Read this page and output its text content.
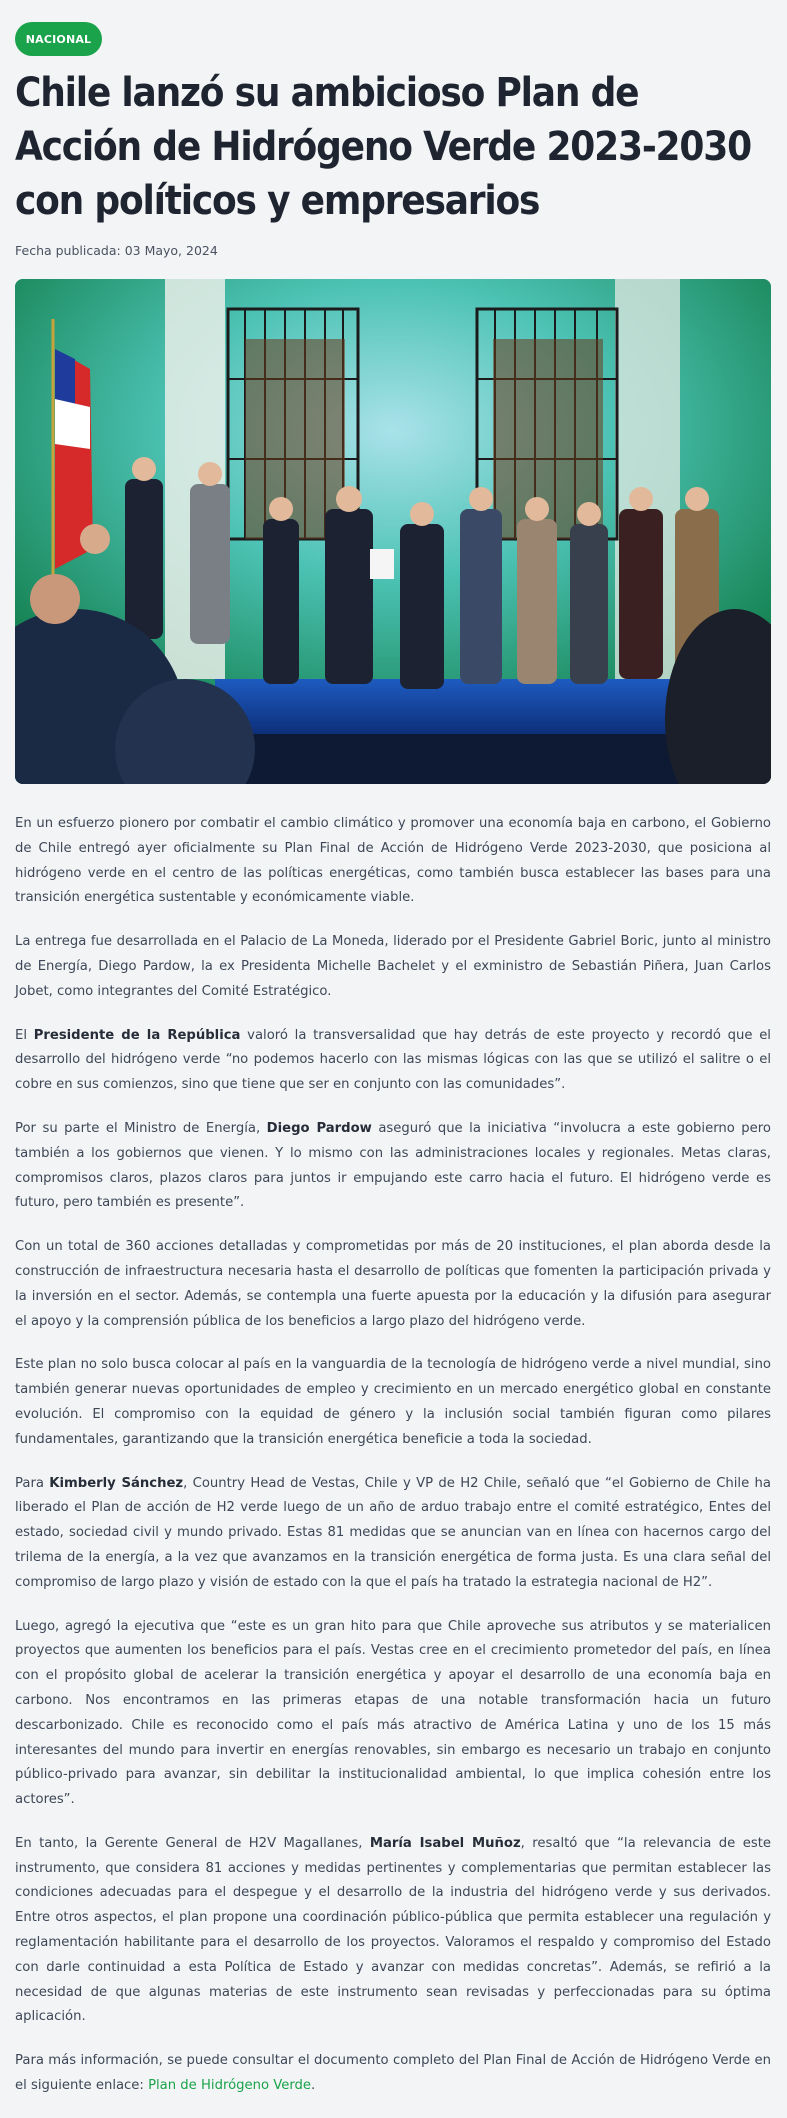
NACIONAL
Chile lanzó su ambicioso Plan de Acción de Hidrógeno Verde 2023-2030 con políticos y empresarios
Fecha publicada: 03 Mayo, 2024

En un esfuerzo pionero por combatir el cambio climático y promover una economía baja en carbono, el Gobierno de Chile entregó ayer oficialmente su Plan Final de Acción de Hidrógeno Verde 2023-2030, que posiciona al hidrógeno verde en el centro de las políticas energéticas, como también busca establecer las bases para una transición energética sustentable y económicamente viable.

La entrega fue desarrollada en el Palacio de La Moneda, liderado por el Presidente Gabriel Boric, junto al ministro de Energía, Diego Pardow, la ex Presidenta Michelle Bachelet y el exministro de Sebastián Piñera, Juan Carlos Jobet, como integrantes del Comité Estratégico.

El Presidente de la República valoró la transversalidad que hay detrás de este proyecto y recordó que el desarrollo del hidrógeno verde “no podemos hacerlo con las mismas lógicas con las que se utilizó el salitre o el cobre en sus comienzos, sino que tiene que ser en conjunto con las comunidades”.

Por su parte el Ministro de Energía, Diego Pardow aseguró que la iniciativa “involucra a este gobierno pero también a los gobiernos que vienen. Y lo mismo con las administraciones locales y regionales. Metas claras, compromisos claros, plazos claros para juntos ir empujando este carro hacia el futuro. El hidrógeno verde es futuro, pero también es presente”.

Con un total de 360 acciones detalladas y comprometidas por más de 20 instituciones, el plan aborda desde la construcción de infraestructura necesaria hasta el desarrollo de políticas que fomenten la participación privada y la inversión en el sector. Además, se contempla una fuerte apuesta por la educación y la difusión para asegurar el apoyo y la comprensión pública de los beneficios a largo plazo del hidrógeno verde.

Este plan no solo busca colocar al país en la vanguardia de la tecnología de hidrógeno verde a nivel mundial, sino también generar nuevas oportunidades de empleo y crecimiento en un mercado energético global en constante evolución. El compromiso con la equidad de género y la inclusión social también figuran como pilares fundamentales, garantizando que la transición energética beneficie a toda la sociedad.

Para Kimberly Sánchez, Country Head de Vestas, Chile y VP de H2 Chile, señaló que “el Gobierno de Chile ha liberado el Plan de acción de H2 verde luego de un año de arduo trabajo entre el comité estratégico, Entes del estado, sociedad civil y mundo privado. Estas 81 medidas que se anuncian van en línea con hacernos cargo del trilema de la energía, a la vez que avanzamos en la transición energética de forma justa. Es una clara señal del compromiso de largo plazo y visión de estado con la que el país ha tratado la estrategia nacional de H2”.

Luego, agregó la ejecutiva que “este es un gran hito para que Chile aproveche sus atributos y se materialicen proyectos que aumenten los beneficios para el país. Vestas cree en el crecimiento prometedor del país, en línea con el propósito global de acelerar la transición energética y apoyar el desarrollo de una economía baja en carbono. Nos encontramos en las primeras etapas de una notable transformación hacia un futuro descarbonizado. Chile es reconocido como el país más atractivo de América Latina y uno de los 15 más interesantes del mundo para invertir en energías renovables, sin embargo es necesario un trabajo en conjunto público-privado para avanzar, sin debilitar la institucionalidad ambiental, lo que implica cohesión entre los actores”.

En tanto, la Gerente General de H2V Magallanes, María Isabel Muñoz, resaltó que “la relevancia de este instrumento, que considera 81 acciones y medidas pertinentes y complementarias que permitan establecer las condiciones adecuadas para el despegue y el desarrollo de la industria del hidrógeno verde y sus derivados. Entre otros aspectos, el plan propone una coordinación público-pública que permita establecer una regulación y reglamentación habilitante para el desarrollo de los proyectos. Valoramos el respaldo y compromiso del Estado con darle continuidad a esta Política de Estado y avanzar con medidas concretas”. Además, se refirió a la necesidad de que algunas materias de este instrumento sean revisadas y perfeccionadas para su óptima aplicación.

Para más información, se puede consultar el documento completo del Plan Final de Acción de Hidrógeno Verde en el siguiente enlace: Plan de Hidrógeno Verde.
